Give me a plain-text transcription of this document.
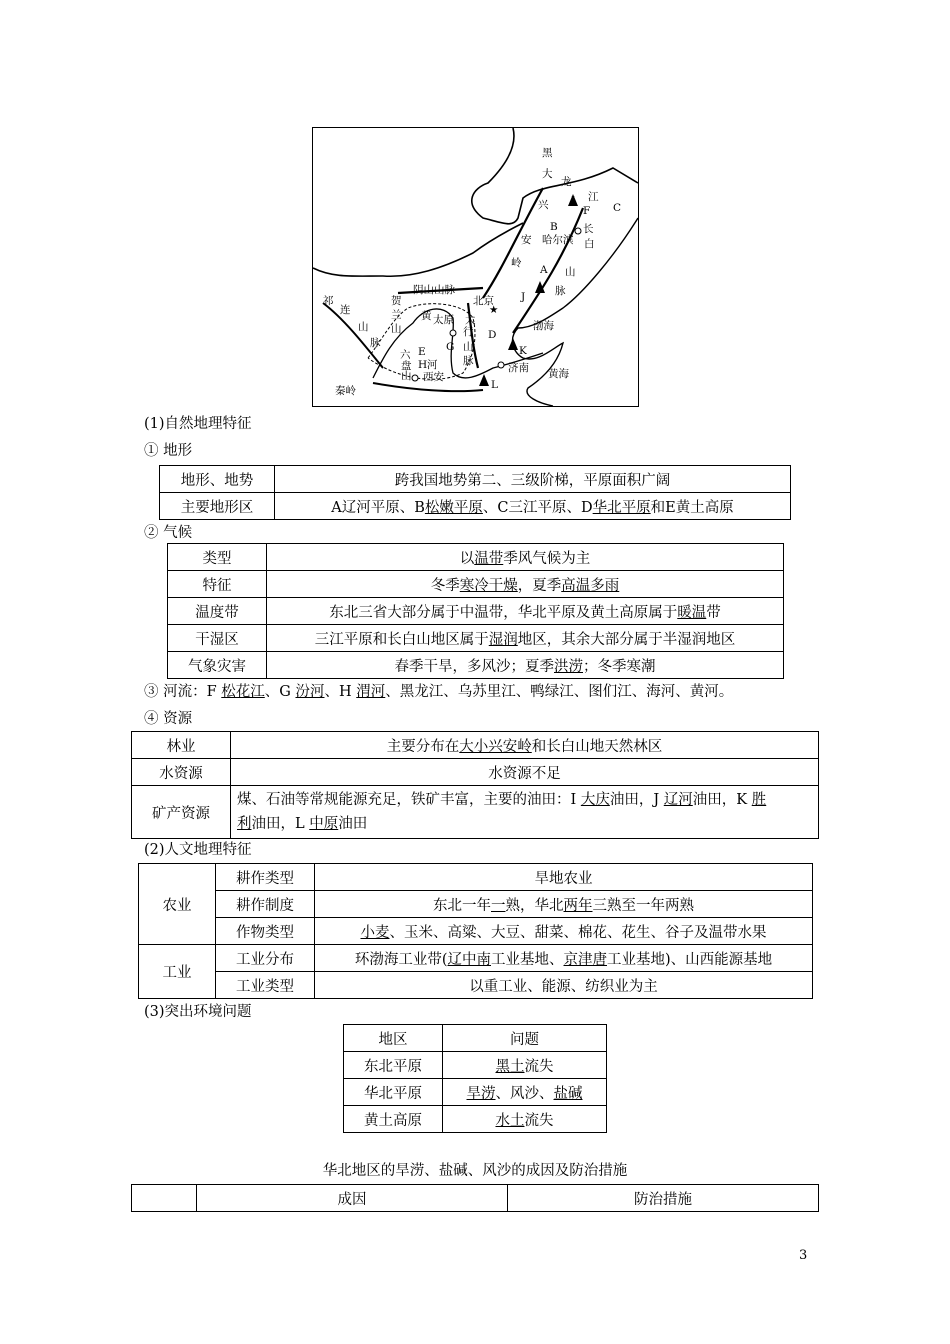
★
黑
大
龙
江
兴 I
F C
B
安 哈尔滨
长
白
岭
A 山
脉
阴山山脉
J
北京
渤海
祁
连
山
脉
贺
兰
山
黄 太原 太
行
山
脉
D
G
E
H 河
六
盘
山 西安
济南
K
L
黄海
秦岭
(1)自然地理特征
① 地形
地形、地势	跨我国地势第二、三级阶梯，平原面积广阔
主要地形区	A辽河平原、B松嫩平原、C三江平原、D华北平原和E黄土高原
② 气候
类型	以温带季风气候为主
特征	冬季寒冷干燥，夏季高温多雨
温度带	东北三省大部分属于中温带，华北平原及黄土高原属于暖温带
干湿区	三江平原和长白山地区属于湿润地区，其余大部分属于半湿润地区
气象灾害	春季干旱，多风沙；夏季洪涝；冬季寒潮
③ 河流：F 松花江、G 汾河、H 渭河、黑龙江、乌苏里江、鸭绿江、图们江、海河、黄河。
④ 资源
林业	主要分布在大小兴安岭和长白山地天然林区
水资源	水资源不足
矿产资源	煤、石油等常规能源充足，铁矿丰富，主要的油田：I 大庆油田，J 辽河油田，K 胜
利油田，L 中原油田
(2)人文地理特征
农业	耕作类型	旱地农业
	耕作制度	东北一年一熟，华北两年三熟至一年两熟
	作物类型	小麦、玉米、高粱、大豆、甜菜、棉花、花生、谷子及温带水果
工业	工业分布	环渤海工业带(辽中南工业基地、京津唐工业基地)、山西能源基地
	工业类型	以重工业、能源、纺织业为主
(3)突出环境问题
地区	问题
东北平原	黑土流失
华北平原	旱涝、风沙、盐碱
黄土高原	水土流失
华北地区的旱涝、盐碱、风沙的成因及防治措施
	成因	防治措施
3
